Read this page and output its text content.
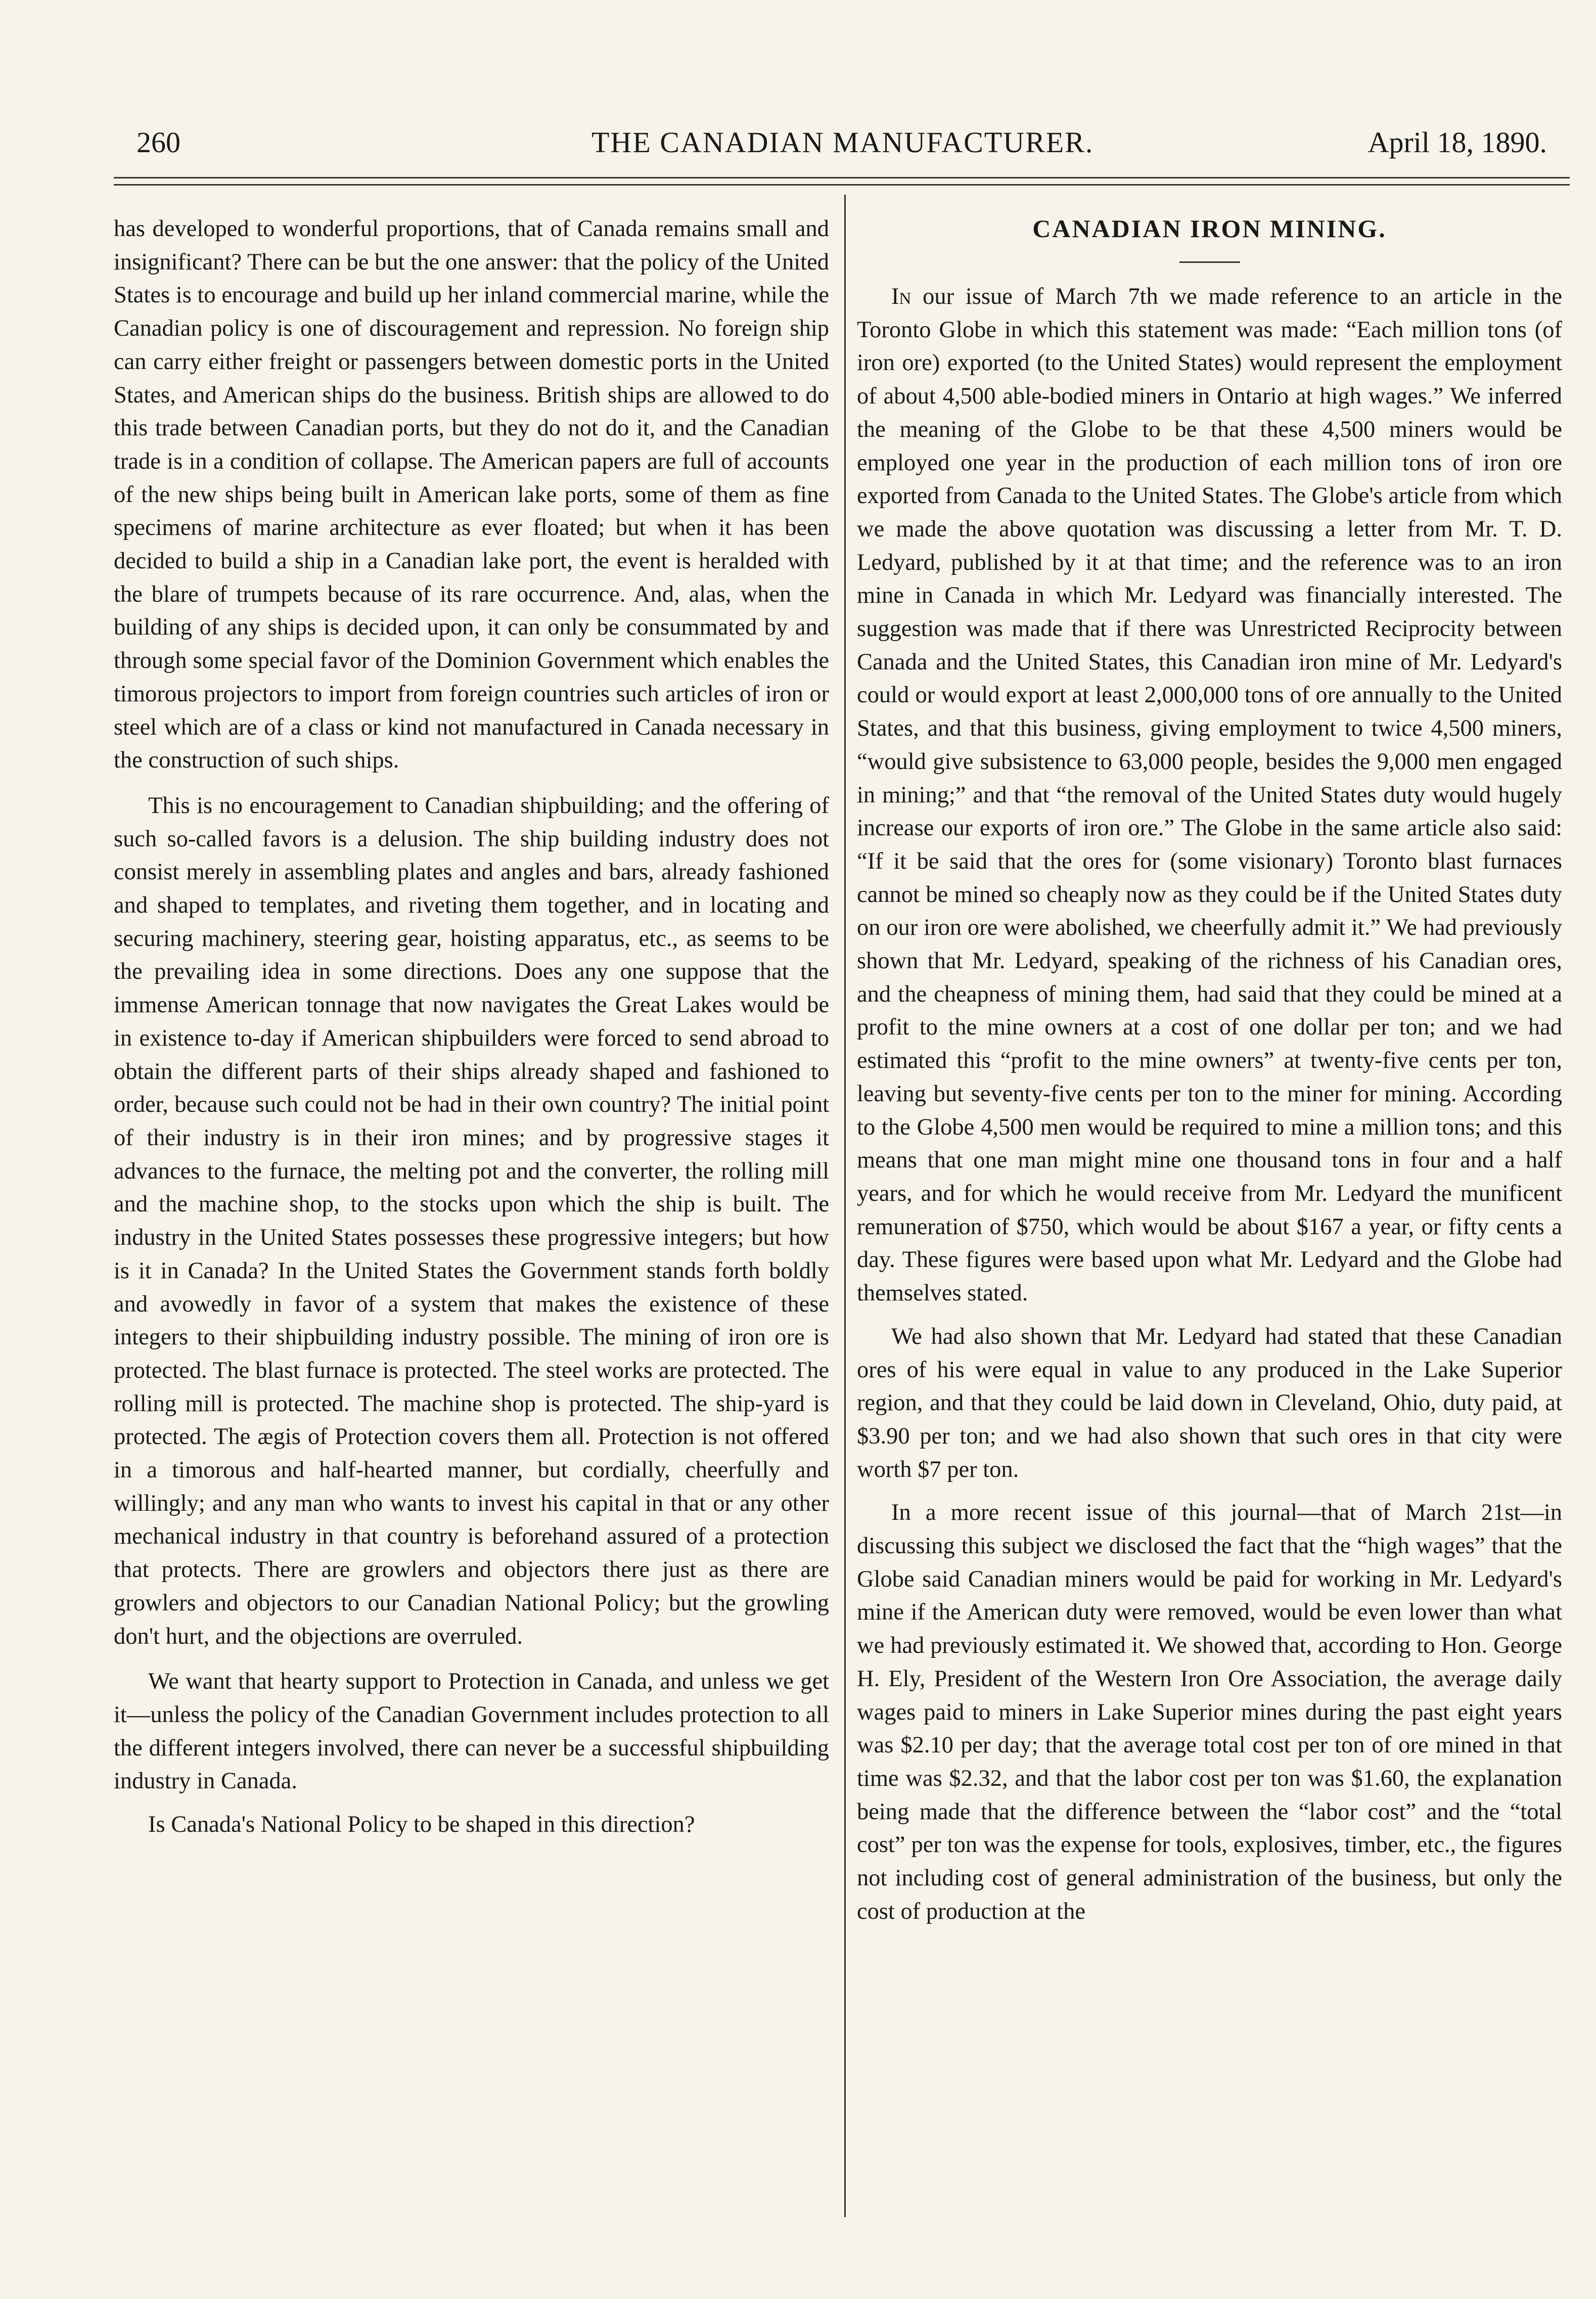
260	THE CANADIAN MANUFACTURER.	April 18, 1890.

has developed to wonderful proportions, that of Canada remains small and insignificant? There can be but the one answer: that the policy of the United States is to encourage and build up her inland commercial marine, while the Canadian policy is one of discouragement and repression. No foreign ship can carry either freight or passengers between domestic ports in the United States, and American ships do the business. British ships are allowed to do this trade between Canadian ports, but they do not do it, and the Canadian trade is in a condition of collapse. The American papers are full of accounts of the new ships being built in American lake ports, some of them as fine specimens of marine architecture as ever floated; but when it has been decided to build a ship in a Canadian lake port, the event is heralded with the blare of trumpets because of its rare occurrence. And, alas, when the building of any ships is decided upon, it can only be consummated by and through some special favor of the Dominion Government which enables the timorous projectors to import from foreign countries such articles of iron or steel which are of a class or kind not manufactured in Canada necessary in the construction of such ships.

This is no encouragement to Canadian shipbuilding; and the offering of such so-called favors is a delusion. The ship building industry does not consist merely in assembling plates and angles and bars, already fashioned and shaped to templates, and riveting them together, and in locating and securing machinery, steering gear, hoisting apparatus, etc., as seems to be the prevailing idea in some directions. Does any one suppose that the immense American tonnage that now navigates the Great Lakes would be in existence to-day if American shipbuilders were forced to send abroad to obtain the different parts of their ships already shaped and fashioned to order, because such could not be had in their own country? The initial point of their industry is in their iron mines; and by progressive stages it advances to the furnace, the melting pot and the converter, the rolling mill and the machine shop, to the stocks upon which the ship is built. The industry in the United States possesses these progressive integers; but how is it in Canada? In the United States the Government stands forth boldly and avowedly in favor of a system that makes the existence of these integers to their shipbuilding industry possible. The mining of iron ore is protected. The blast furnace is protected. The steel works are protected. The rolling mill is protected. The machine shop is protected. The ship-yard is protected. The ægis of Protection covers them all. Protection is not offered in a timorous and half-hearted manner, but cordially, cheerfully and willingly; and any man who wants to invest his capital in that or any other mechanical industry in that country is beforehand assured of a protection that protects. There are growlers and objectors there just as there are growlers and objectors to our Canadian National Policy; but the growling don't hurt, and the objections are overruled.

We want that hearty support to Protection in Canada, and unless we get it—unless the policy of the Canadian Government includes protection to all the different integers involved, there can never be a successful shipbuilding industry in Canada.

Is Canada's National Policy to be shaped in this direction?

CANADIAN IRON MINING.

In our issue of March 7th we made reference to an article in the Toronto Globe in which this statement was made: “Each million tons (of iron ore) exported (to the United States) would represent the employment of about 4,500 able-bodied miners in Ontario at high wages.” We inferred the meaning of the Globe to be that these 4,500 miners would be employed one year in the production of each million tons of iron ore exported from Canada to the United States. The Globe's article from which we made the above quotation was discussing a letter from Mr. T. D. Ledyard, published by it at that time; and the reference was to an iron mine in Canada in which Mr. Ledyard was financially interested. The suggestion was made that if there was Unrestricted Reciprocity between Canada and the United States, this Canadian iron mine of Mr. Ledyard's could or would export at least 2,000,000 tons of ore annually to the United States, and that this business, giving employment to twice 4,500 miners, “would give subsistence to 63,000 people, besides the 9,000 men engaged in mining;” and that “the removal of the United States duty would hugely increase our exports of iron ore.” The Globe in the same article also said: “If it be said that the ores for (some visionary) Toronto blast furnaces cannot be mined so cheaply now as they could be if the United States duty on our iron ore were abolished, we cheerfully admit it.” We had previously shown that Mr. Ledyard, speaking of the richness of his Canadian ores, and the cheapness of mining them, had said that they could be mined at a profit to the mine owners at a cost of one dollar per ton; and we had estimated this “profit to the mine owners” at twenty-five cents per ton, leaving but seventy-five cents per ton to the miner for mining. According to the Globe 4,500 men would be required to mine a million tons; and this means that one man might mine one thousand tons in four and a half years, and for which he would receive from Mr. Ledyard the munificent remuneration of $750, which would be about $167 a year, or fifty cents a day. These figures were based upon what Mr. Ledyard and the Globe had themselves stated.

We had also shown that Mr. Ledyard had stated that these Canadian ores of his were equal in value to any produced in the Lake Superior region, and that they could be laid down in Cleveland, Ohio, duty paid, at $3.90 per ton; and we had also shown that such ores in that city were worth $7 per ton.

In a more recent issue of this journal—that of March 21st—in discussing this subject we disclosed the fact that the “high wages” that the Globe said Canadian miners would be paid for working in Mr. Ledyard's mine if the American duty were removed, would be even lower than what we had previously estimated it. We showed that, according to Hon. George H. Ely, President of the Western Iron Ore Association, the average daily wages paid to miners in Lake Superior mines during the past eight years was $2.10 per day; that the average total cost per ton of ore mined in that time was $2.32, and that the labor cost per ton was $1.60, the explanation being made that the difference between the “labor cost” and the “total cost” per ton was the expense for tools, explosives, timber, etc., the figures not including cost of general administration of the business, but only the cost of production at the
